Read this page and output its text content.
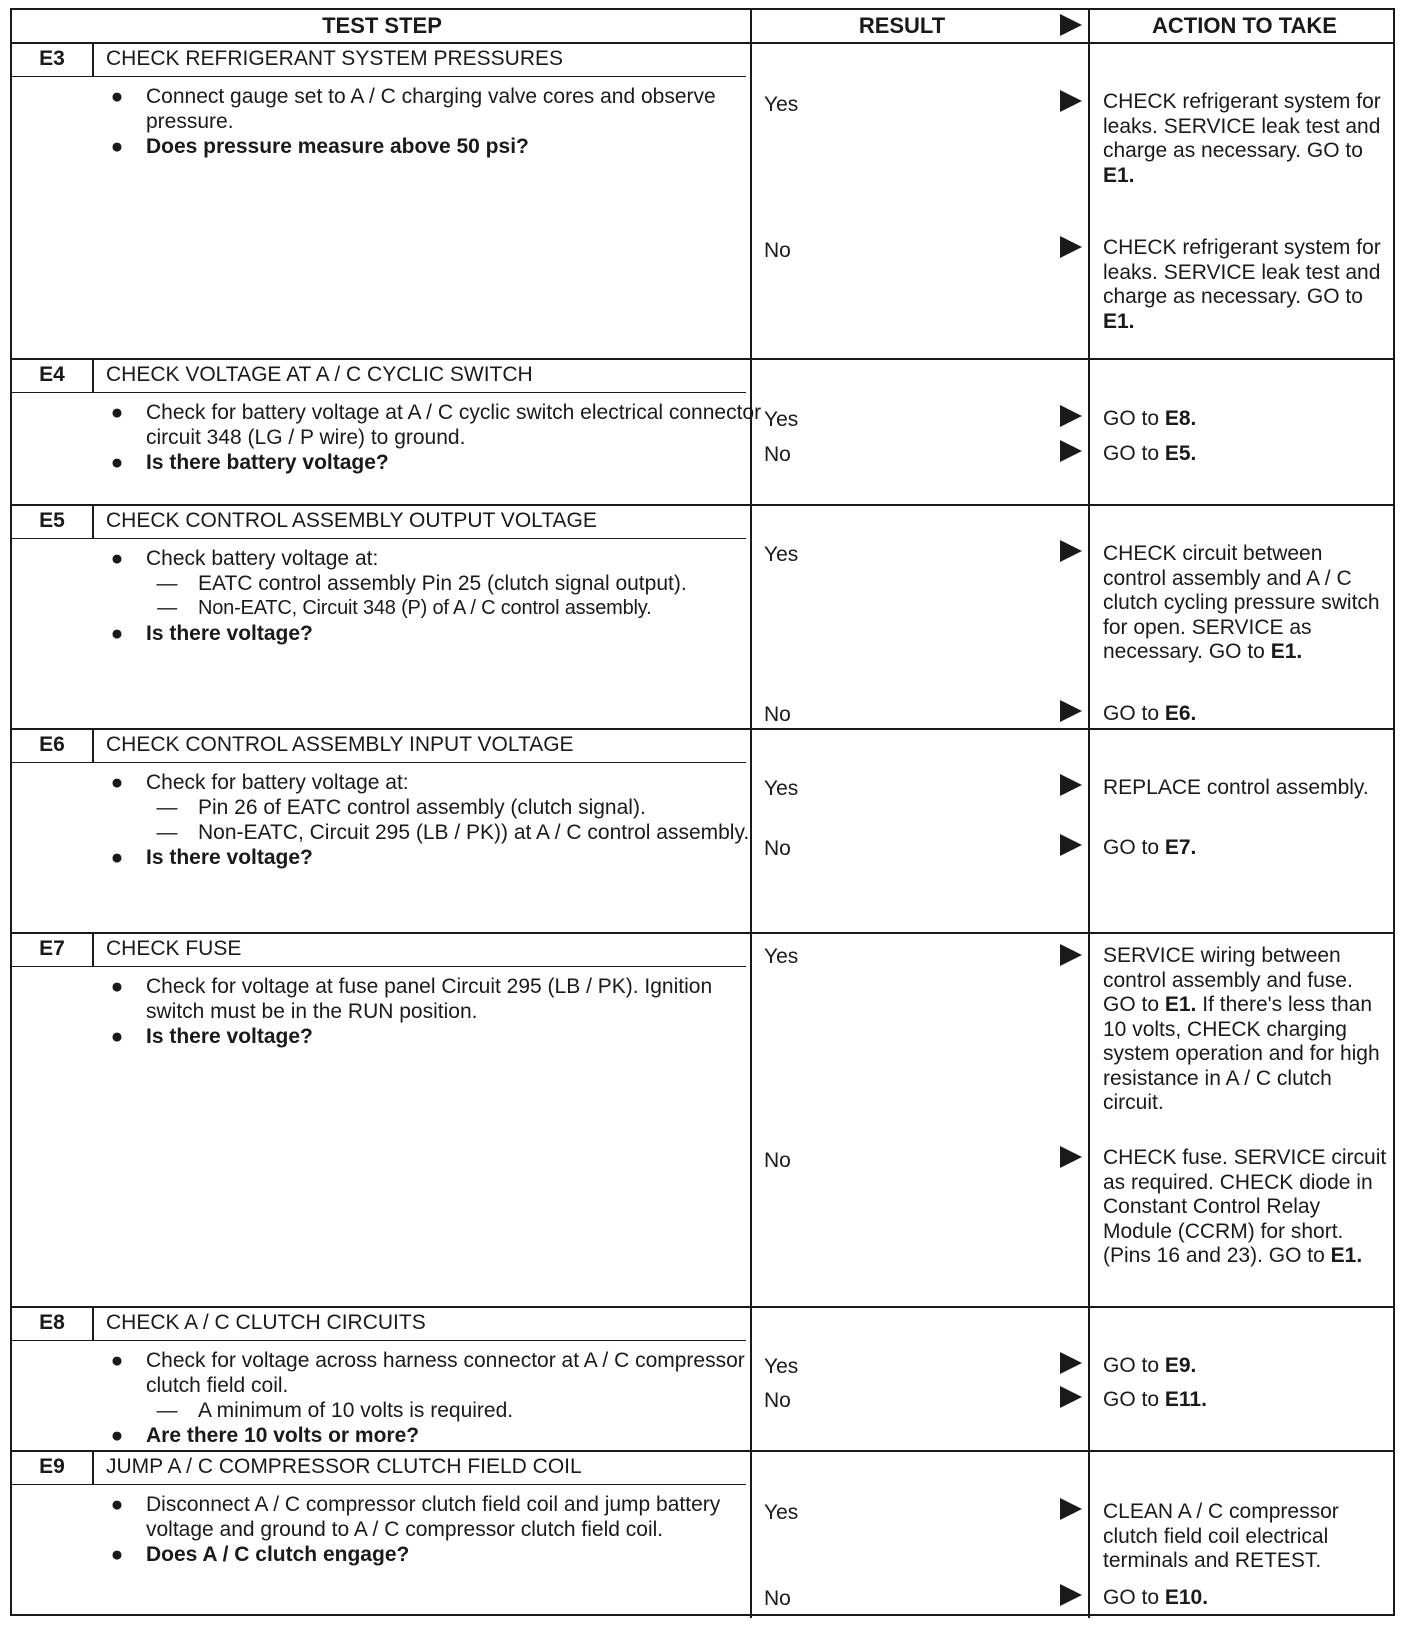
TEST STEP	RESULT	ACTION TO TAKE
E3	CHECK REFRIGERANT SYSTEM PRESSURES
●	Connect gauge set to A / C charging valve cores and observe pressure.
●	Does pressure measure above 50 psi?
Yes	CHECK refrigerant system for leaks. SERVICE leak test and charge as necessary. GO to E1.
No	CHECK refrigerant system for leaks. SERVICE leak test and charge as necessary. GO to E1.
E4	CHECK VOLTAGE AT A / C CYCLIC SWITCH
●	Check for battery voltage at A / C cyclic switch electrical connector circuit 348 (LG / P wire) to ground.
●	Is there battery voltage?
Yes	GO to E8.
No	GO to E5.
E5	CHECK CONTROL ASSEMBLY OUTPUT VOLTAGE
●	Check battery voltage at:
— EATC control assembly Pin 25 (clutch signal output).
—	Non-EATC, Circuit 348 (P) of A / C control assembly.
●	Is there voltage?
Yes	CHECK circuit between control assembly and A / C clutch cycling pressure switch for open. SERVICE as necessary. GO to E1.
No	GO to E6.
E6	CHECK CONTROL ASSEMBLY INPUT VOLTAGE
●	Check for battery voltage at:
— Pin 26 of EATC control assembly (clutch signal).
— Non-EATC, Circuit 295 (LB / PK)) at A / C control assembly.
●	Is there voltage?
Yes	REPLACE control assembly.
No	GO to E7.
E7	CHECK FUSE
●	Check for voltage at fuse panel Circuit 295 (LB / PK). Ignition switch must be in the RUN position.
●	Is there voltage?
Yes	SERVICE wiring between control assembly and fuse. GO to E1. If there's less than 10 volts, CHECK charging system operation and for high resistance in A / C clutch circuit.
No	CHECK fuse. SERVICE circuit as required. CHECK diode in Constant Control Relay Module (CCRM) for short. (Pins 16 and 23). GO to E1.
E8	CHECK A / C CLUTCH CIRCUITS
●	Check for voltage across harness connector at A / C compressor clutch field coil.
— A minimum of 10 volts is required.
●	Are there 10 volts or more?
Yes	GO to E9.
No	GO to E11.
E9	JUMP A / C COMPRESSOR CLUTCH FIELD COIL
●	Disconnect A / C compressor clutch field coil and jump battery voltage and ground to A / C compressor clutch field coil.
●	Does A / C clutch engage?
Yes	CLEAN A / C compressor clutch field coil electrical terminals and RETEST.
No	GO to E10.
